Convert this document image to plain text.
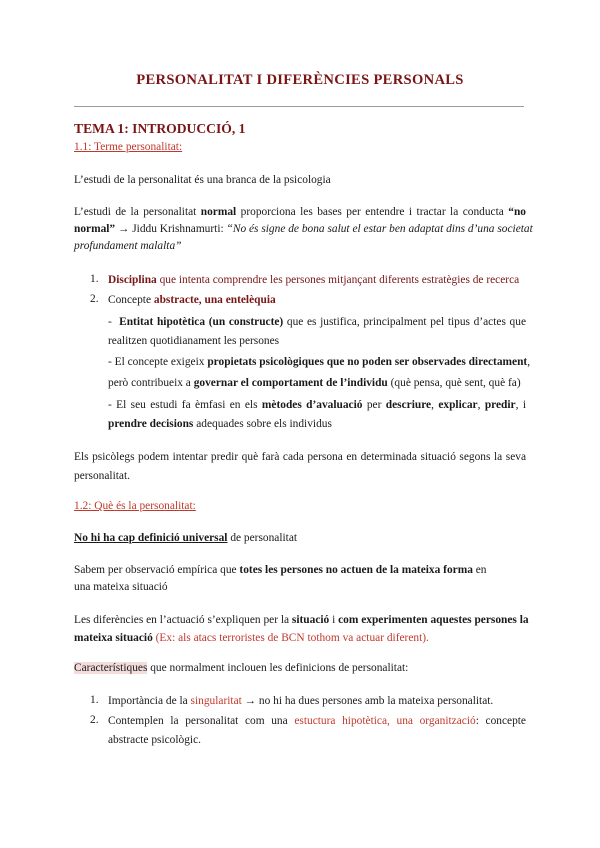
PERSONALITAT I DIFERÈNCIES PERSONALS
TEMA 1: INTRODUCCIÓ, 1
1.1: Terme personalitat:
L’estudi de la personalitat és una branca de la psicologia
L’estudi de la personalitat normal proporciona les bases per entendre i tractar la conducta “no
normal” → Jiddu Krishnamurti: “No és signe de bona salut el estar ben adaptat dins d’una societat
profundament malalta”
1. Disciplina que intenta comprendre les persones mitjançant diferents estratègies de recerca
2. Concepte abstracte, una entelèquia
- Entitat hipotètica (un constructe) que es justifica, principalment pel tipus d’actes que
realitzen quotidianament les persones
- El concepte exigeix propietats psicològiques que no poden ser observades directament,
però contribueix a governar el comportament de l’individu (què pensa, què sent, què fa)
- El seu estudi fa èmfasi en els mètodes d’avaluació per descriure, explicar, predir, i
prendre decisions adequades sobre els individus
Els psicòlegs podem intentar predir què farà cada persona en determinada situació segons la seva
personalitat.
1.2: Què és la personalitat:
No hi ha cap definició universal de personalitat
Sabem per observació empírica que totes les persones no actuen de la mateixa forma en
una mateixa situació
Les diferències en l’actuació s’expliquen per la situació i com experimenten aquestes persones la
mateixa situació (Ex: als atacs terroristes de BCN tothom va actuar diferent).
Característiques que normalment inclouen les definicions de personalitat:
1. Importància de la singularitat → no hi ha dues persones amb la mateixa personalitat.
2. Contemplen la personalitat com una estuctura hipotètica, una organització: concepte
abstracte psicològic.
